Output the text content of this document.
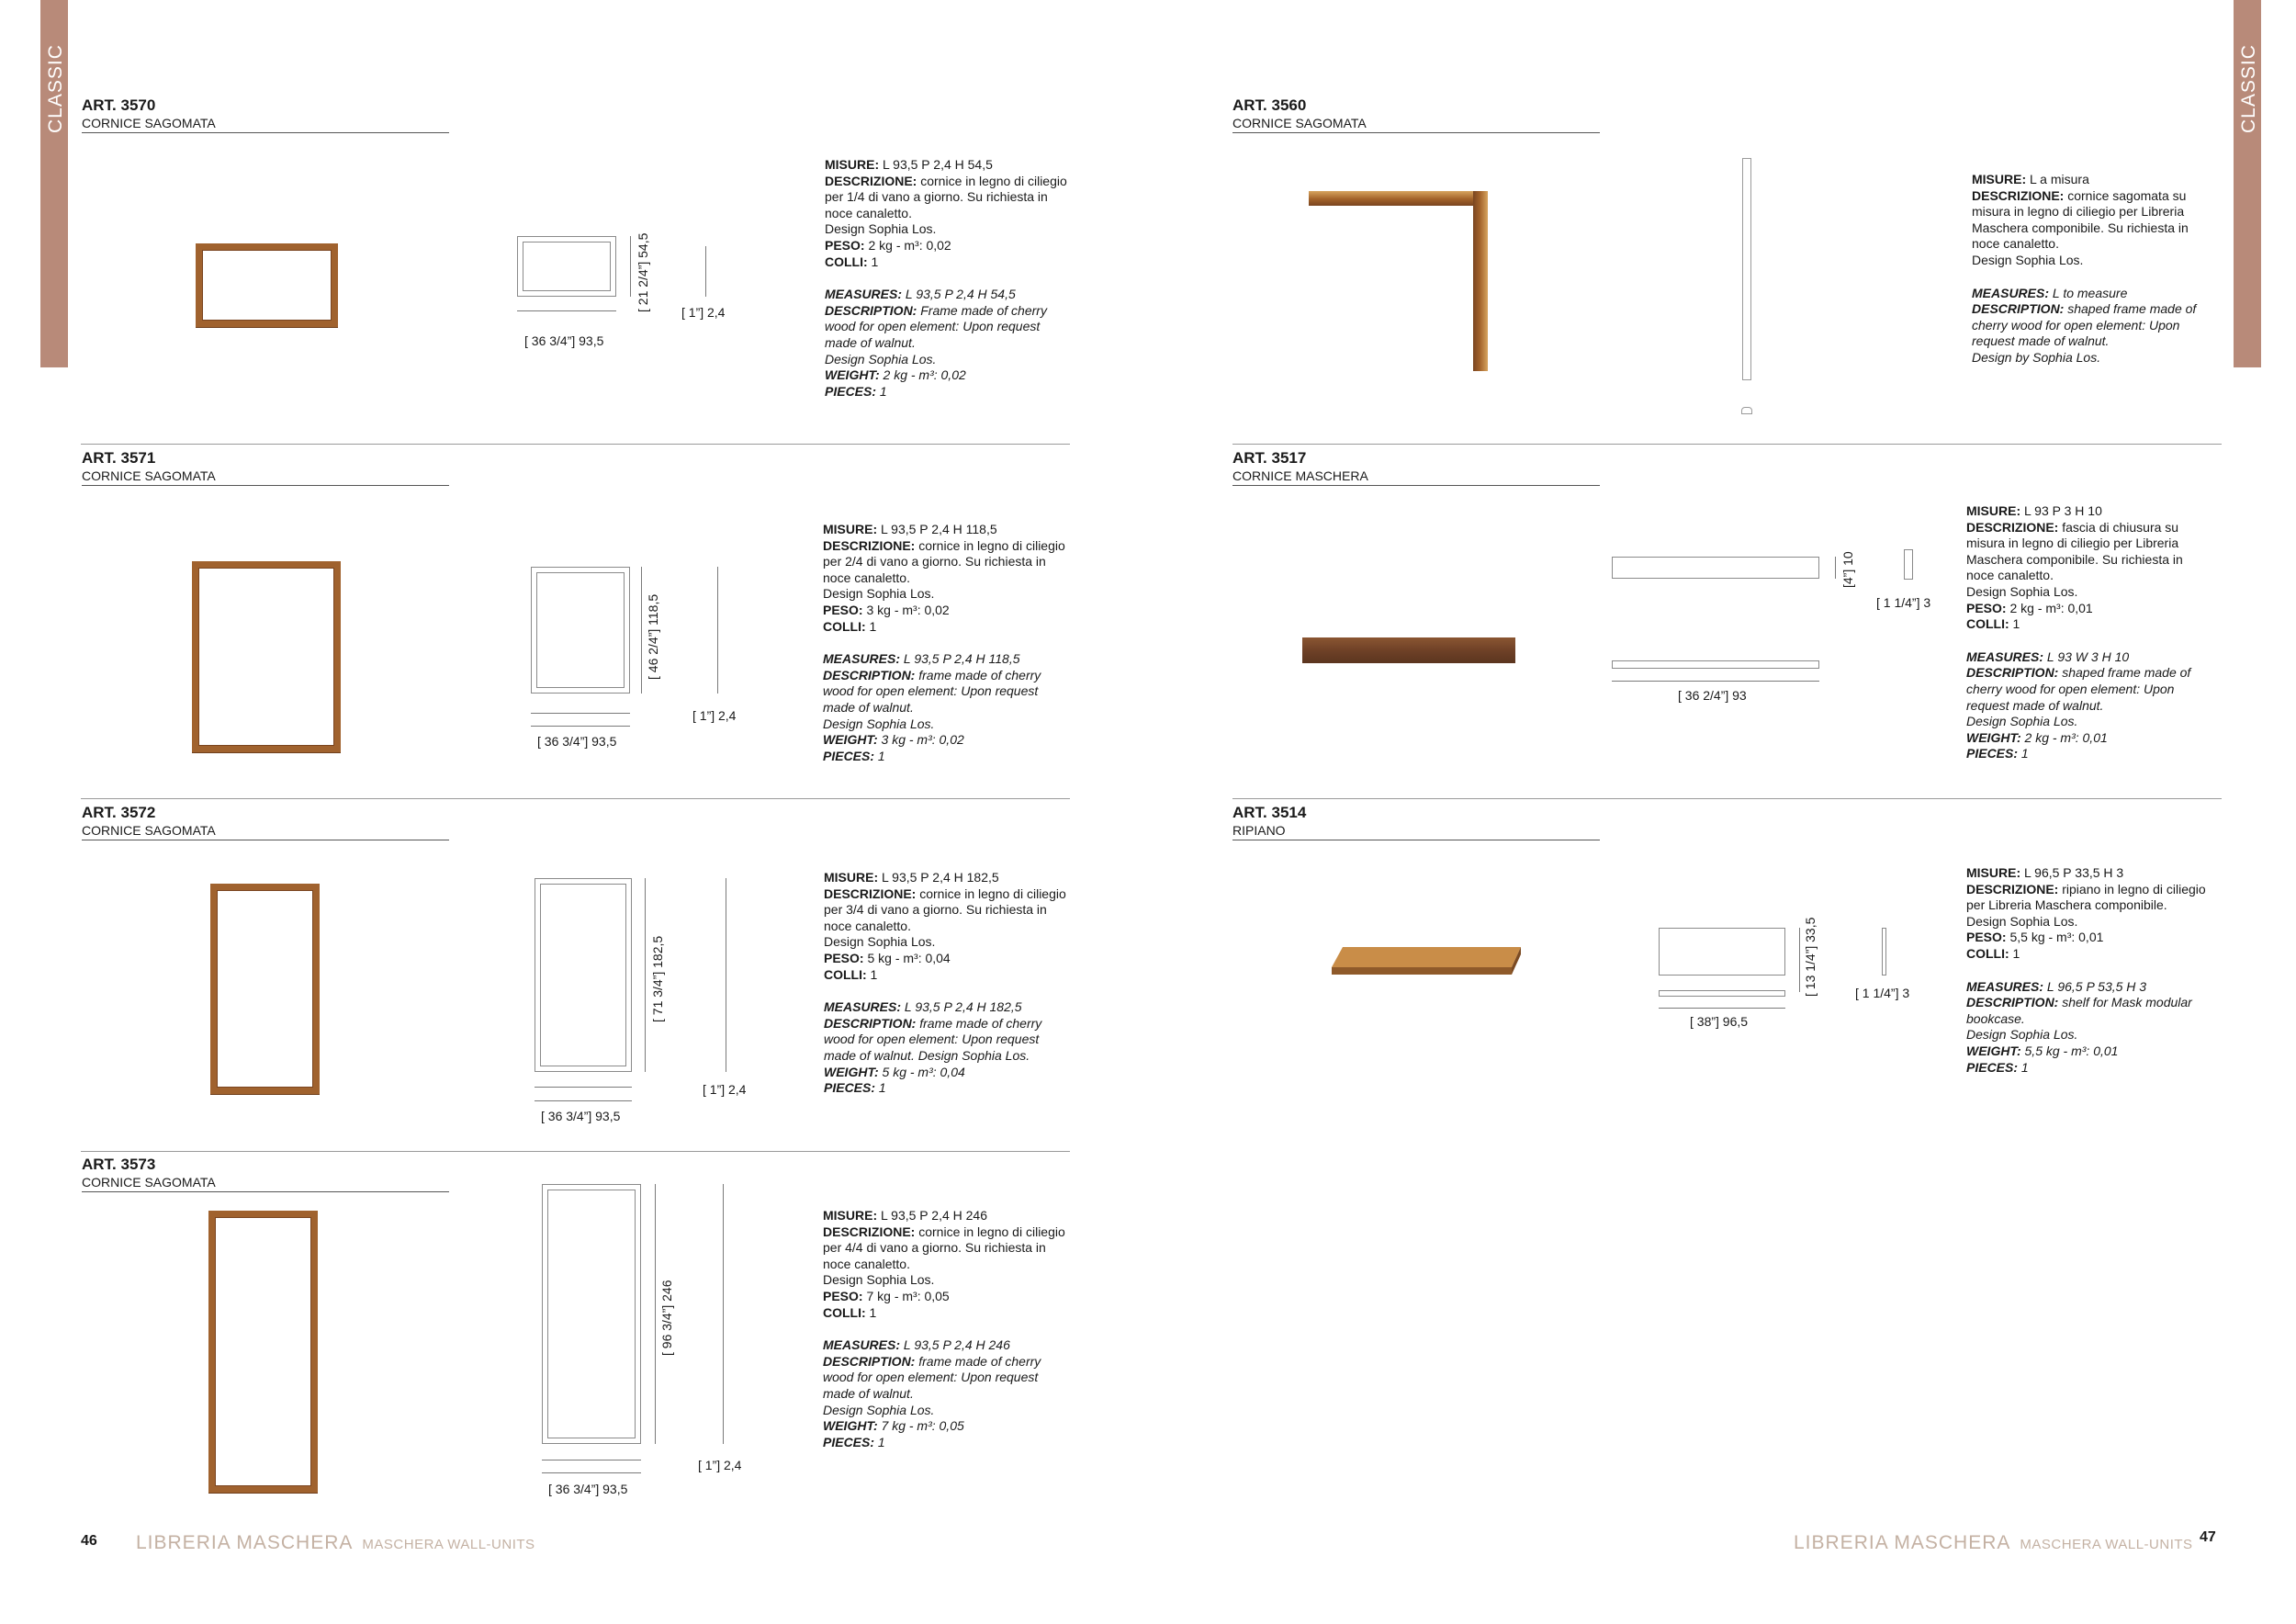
CLASSIC	CLASSIC
ART. 3570
CORNICE SAGOMATA
[ 36 3/4”] 93,5
[ 21 2/4”] 54,5 [ 1”] 2,4

MISURE: L 93,5 P 2,4 H 54,5

DESCRIZIONE: cornice in legno di ciliegio per 1/4 di vano a giorno. Su richiesta in noce canaletto.

Design Sophia Los.

PESO: 2 kg - m³: 0,02

COLLI: 1

MEASURES: L 93,5 P 2,4 H 54,5

DESCRIPTION: Frame made of cherry wood for open element: Upon request made of walnut.

Design Sophia Los.

WEIGHT: 2 kg - m³: 0,02

PIECES: 1

ART. 3571
CORNICE SAGOMATA
[ 36 3/4”] 93,5
[ 46 2/4”] 118,5
[ 1”] 2,4

MISURE: L 93,5 P 2,4 H 118,5

DESCRIZIONE: cornice in legno di ciliegio per 2/4 di vano a giorno. Su richiesta in noce canaletto.

Design Sophia Los.

PESO: 3 kg - m³: 0,02

COLLI: 1

MEASURES: L 93,5 P 2,4 H 118,5

DESCRIPTION: frame made of cherry wood for open element: Upon request made of walnut.

Design Sophia Los.

WEIGHT: 3 kg - m³: 0,02

PIECES: 1

ART. 3572
CORNICE SAGOMATA
[ 36 3/4”] 93,5
[ 71 3/4”] 182,5
[ 1”] 2,4

MISURE: L 93,5 P 2,4 H 182,5

DESCRIZIONE: cornice in legno di ciliegio per 3/4 di vano a giorno. Su richiesta in noce canaletto.

Design Sophia Los.

PESO: 5 kg - m³: 0,04

COLLI: 1

MEASURES: L 93,5 P 2,4 H 182,5

DESCRIPTION: frame made of cherry wood for open element: Upon request made of walnut. Design Sophia Los.

WEIGHT: 5 kg - m³: 0,04

PIECES: 1

ART. 3573
CORNICE SAGOMATA
[ 36 3/4”] 93,5
[ 96 3/4”] 246
[ 1”] 2,4

MISURE: L 93,5 P 2,4 H 246

DESCRIZIONE: cornice in legno di ciliegio per 4/4 di vano a giorno. Su richiesta in noce canaletto.

Design Sophia Los.

PESO: 7 kg - m³: 0,05

COLLI: 1

MEASURES: L 93,5 P 2,4 H 246

DESCRIPTION: frame made of cherry wood for open element: Upon request made of walnut.

Design Sophia Los.

WEIGHT: 7 kg - m³: 0,05

PIECES: 1

ART. 3560
CORNICE SAGOMATA

MISURE: L a misura

DESCRIZIONE: cornice sagomata su misura in legno di ciliegio per Libreria Maschera componibile. Su richiesta in noce canaletto.

Design Sophia Los.

MEASURES: L to measure

DESCRIPTION: shaped frame made of cherry wood for open element: Upon request made of walnut.

Design by Sophia Los.

ART. 3517
CORNICE MASCHERA
[ 36 2/4”] 93
[4”] 10
[ 1 1/4”] 3

MISURE: L 93 P 3 H 10

DESCRIZIONE: fascia di chiusura su misura in legno di ciliegio per Libreria Maschera componibile. Su richiesta in noce canaletto.

Design Sophia Los.

PESO: 2 kg - m³: 0,01

COLLI: 1

MEASURES: L 93 W 3 H 10

DESCRIPTION: shaped frame made of cherry wood for open element: Upon request made of walnut.

Design Sophia Los.

WEIGHT: 2 kg - m³: 0,01

PIECES: 1

ART. 3514
RIPIANO
[ 38”] 96,5
[ 13 1/4”] 33,5	[ 1 1/4”] 3

MISURE: L 96,5 P 33,5 H 3

DESCRIZIONE: ripiano in legno di ciliegio per Libreria Maschera componibile.

Design Sophia Los.

PESO: 5,5 kg - m³: 0,01

COLLI: 1

MEASURES: L 96,5 P 53,5 H 3

DESCRIPTION: shelf for Mask modular bookcase.

Design Sophia Los.

WEIGHT: 5,5 kg - m³: 0,01

PIECES: 1

46 LIBRERIA MASCHERA MASCHERA WALL-UNITS	LIBRERIA MASCHERA MASCHERA WALL-UNITS 47
